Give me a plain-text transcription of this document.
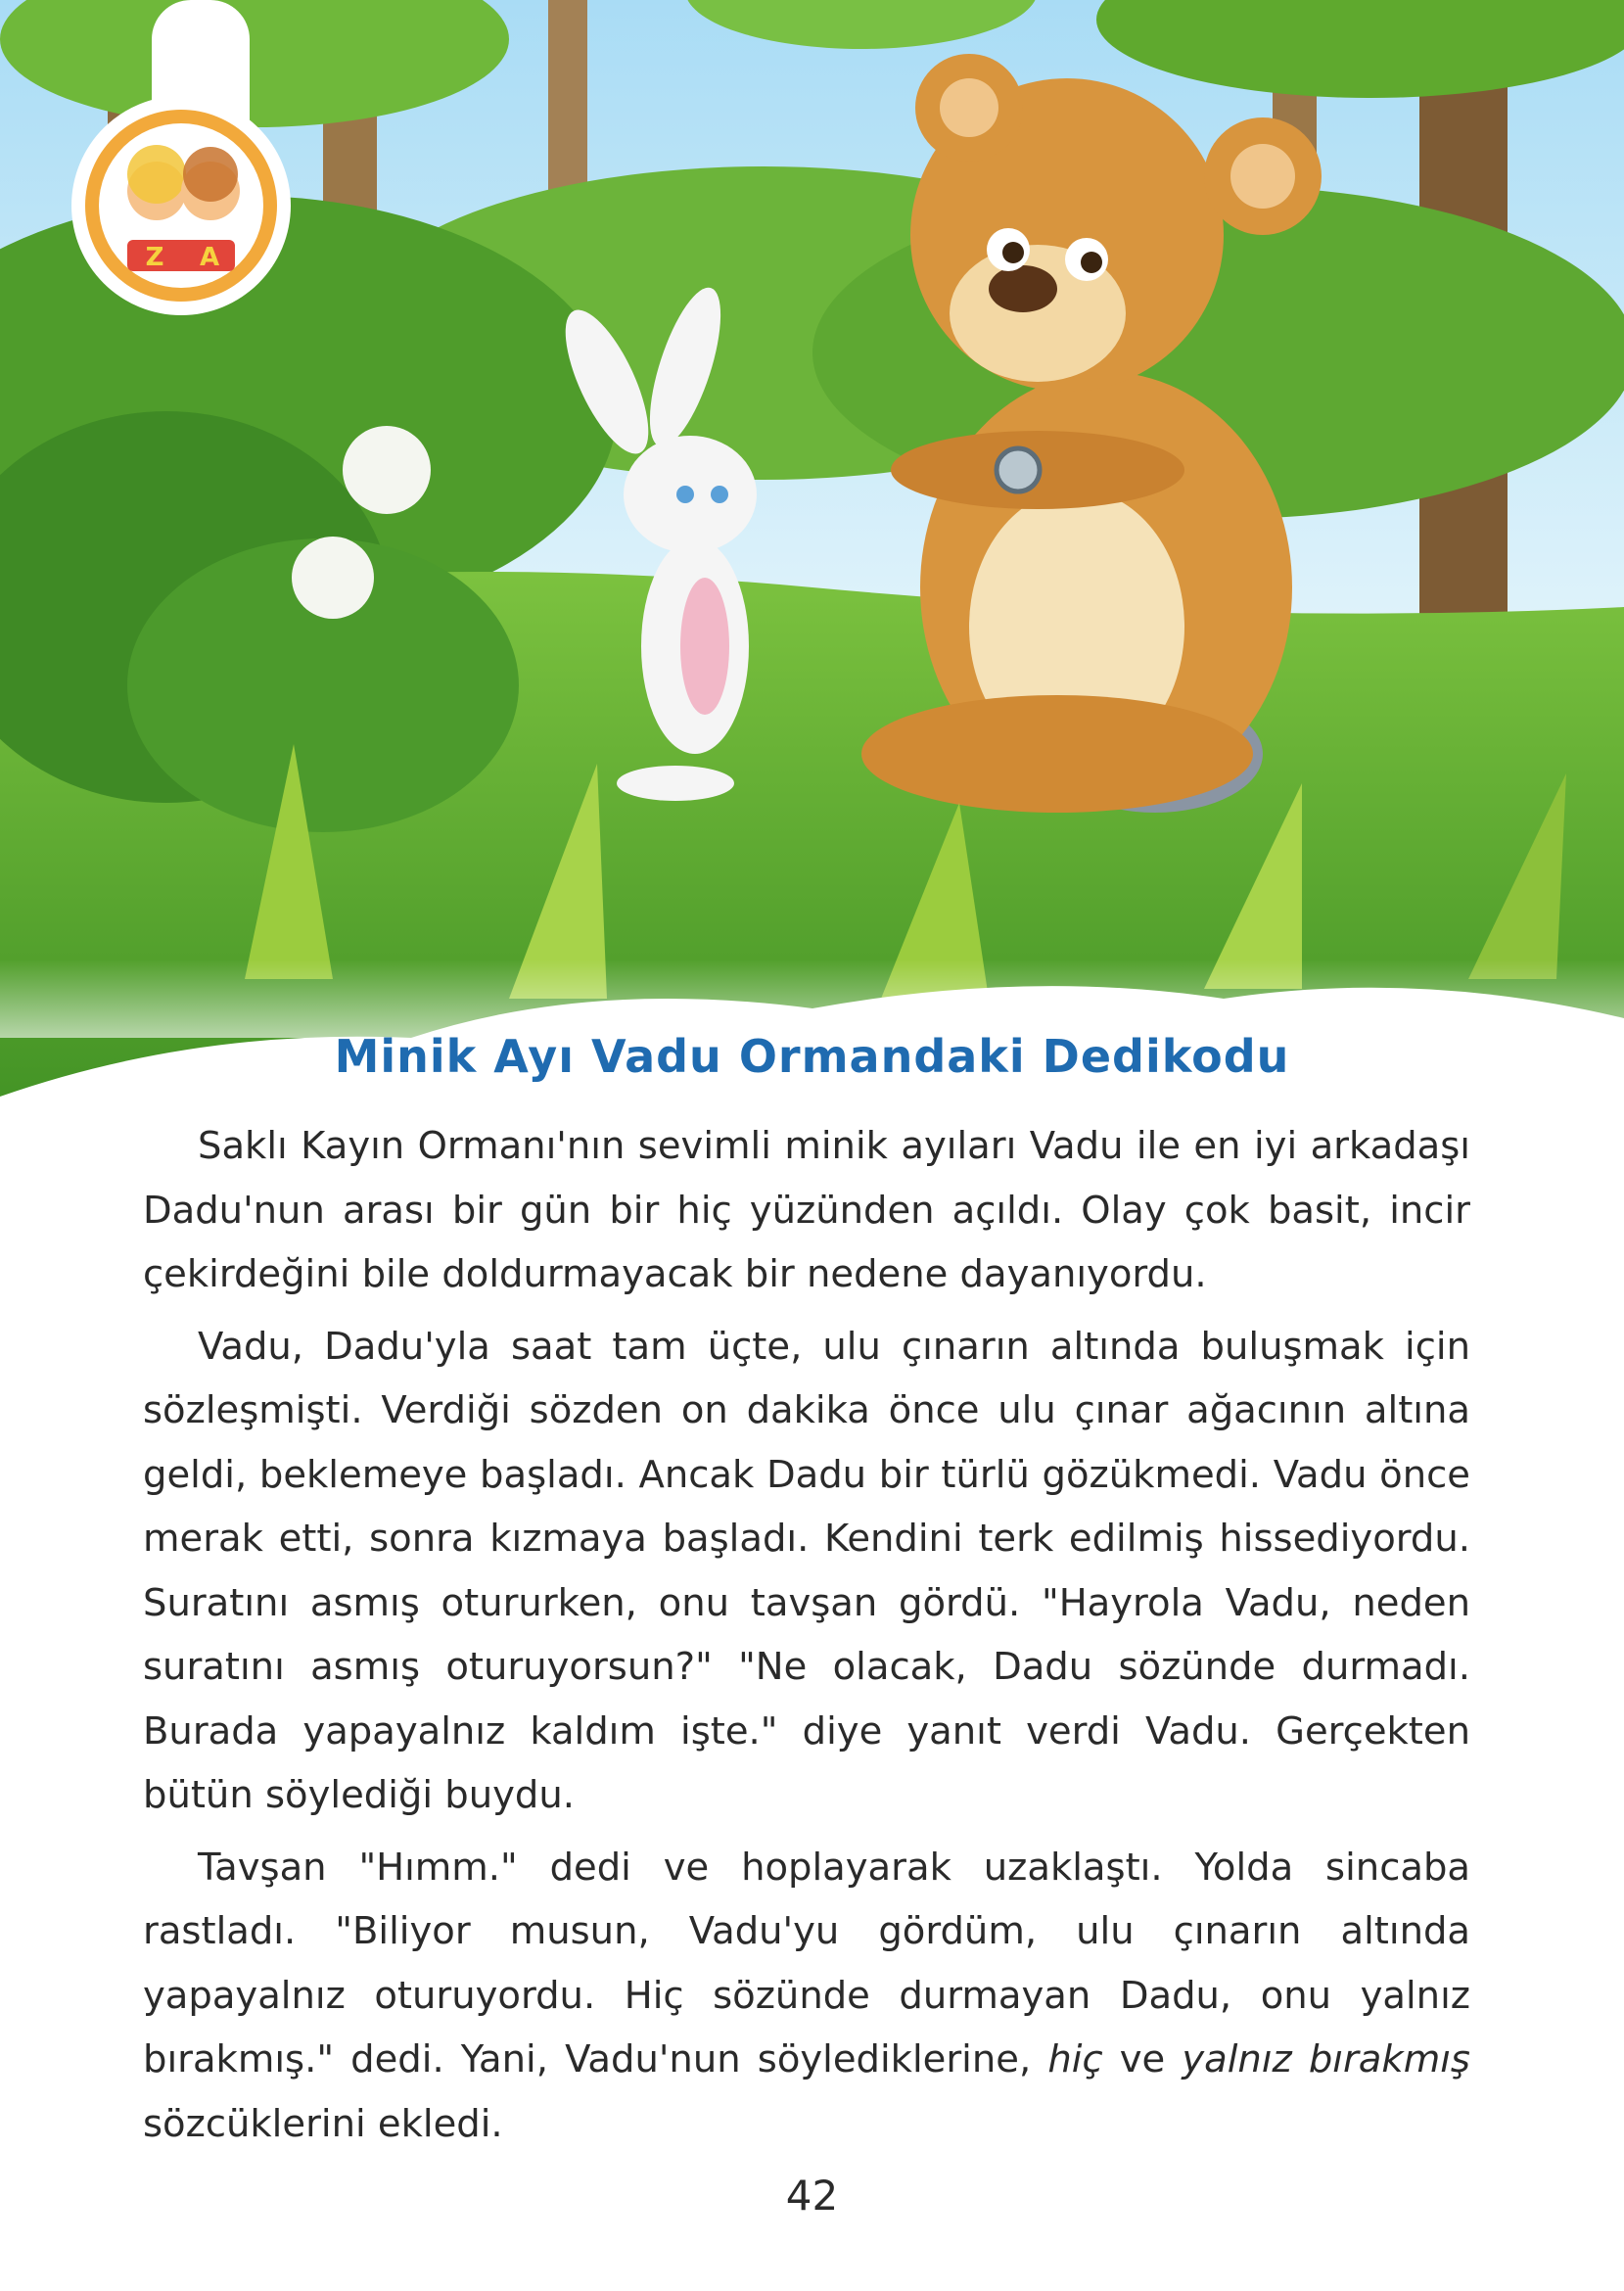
Z A
Minik Ayı Vadu Ormandaki Dedikodu

Saklı Kayın Ormanı'nın sevimli minik ayıları Vadu ile en iyi arkadaşı Dadu'nun arası bir gün bir hiç yüzünden açıldı. Olay çok basit, incir çekirdeğini bile doldurmayacak bir nedene dayanıyordu.

Vadu, Dadu'yla saat tam üçte, ulu çınarın altında buluşmak için sözleşmişti. Verdiği sözden on dakika önce ulu çınar ağacının altına geldi, beklemeye başladı. Ancak Dadu bir türlü gözükmedi. Vadu önce merak etti, sonra kızmaya başladı. Kendini terk edilmiş hissediyordu. Suratını asmış otururken, onu tavşan gördü. "Hayrola Vadu, neden suratını asmış oturuyorsun?" "Ne olacak, Dadu sözünde durmadı. Burada yapayalnız kaldım işte." diye yanıt verdi Vadu. Gerçekten bütün söylediği buydu.

Tavşan "Hımm." dedi ve hoplayarak uzaklaştı. Yolda sincaba rastladı. "Biliyor musun, Vadu'yu gördüm, ulu çınarın altında yapayalnız oturuyordu. Hiç sözünde durmayan Dadu, onu yalnız bırakmış." dedi. Yani, Vadu'nun söylediklerine, hiç ve yalnız bırakmış sözcüklerini ekledi.

42
